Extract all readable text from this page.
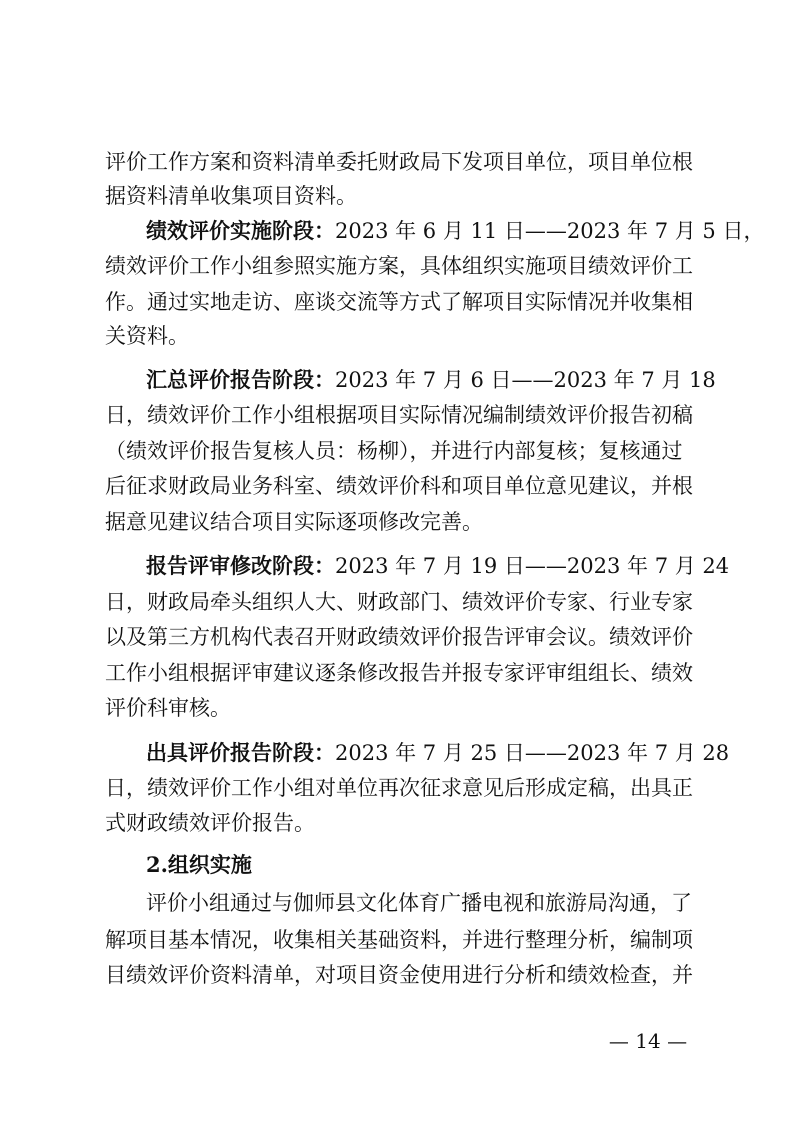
评价工作方案和资料清单委托财政局下发项目单位，项目单位根
据资料清单收集项目资料。
绩效评价实施阶段：2023 年 6 月 11 日——2023 年 7 月 5 日，
绩效评价工作小组参照实施方案，具体组织实施项目绩效评价工
作。通过实地走访、座谈交流等方式了解项目实际情况并收集相
关资料。
汇总评价报告阶段：2023 年 7 月 6 日——2023 年 7 月 18
日，绩效评价工作小组根据项目实际情况编制绩效评价报告初稿
（绩效评价报告复核人员：杨柳），并进行内部复核；复核通过
后征求财政局业务科室、绩效评价科和项目单位意见建议，并根
据意见建议结合项目实际逐项修改完善。
报告评审修改阶段：2023 年 7 月 19 日——2023 年 7 月 24
日，财政局牵头组织人大、财政部门、绩效评价专家、行业专家
以及第三方机构代表召开财政绩效评价报告评审会议。绩效评价
工作小组根据评审建议逐条修改报告并报专家评审组组长、绩效
评价科审核。
出具评价报告阶段：2023 年 7 月 25 日——2023 年 7 月 28
日，绩效评价工作小组对单位再次征求意见后形成定稿，出具正
式财政绩效评价报告。
2.组织实施
评价小组通过与伽师县文化体育广播电视和旅游局沟通，了
解项目基本情况，收集相关基础资料，并进行整理分析，编制项
目绩效评价资料清单，对项目资金使用进行分析和绩效检查，并
— 14 —
